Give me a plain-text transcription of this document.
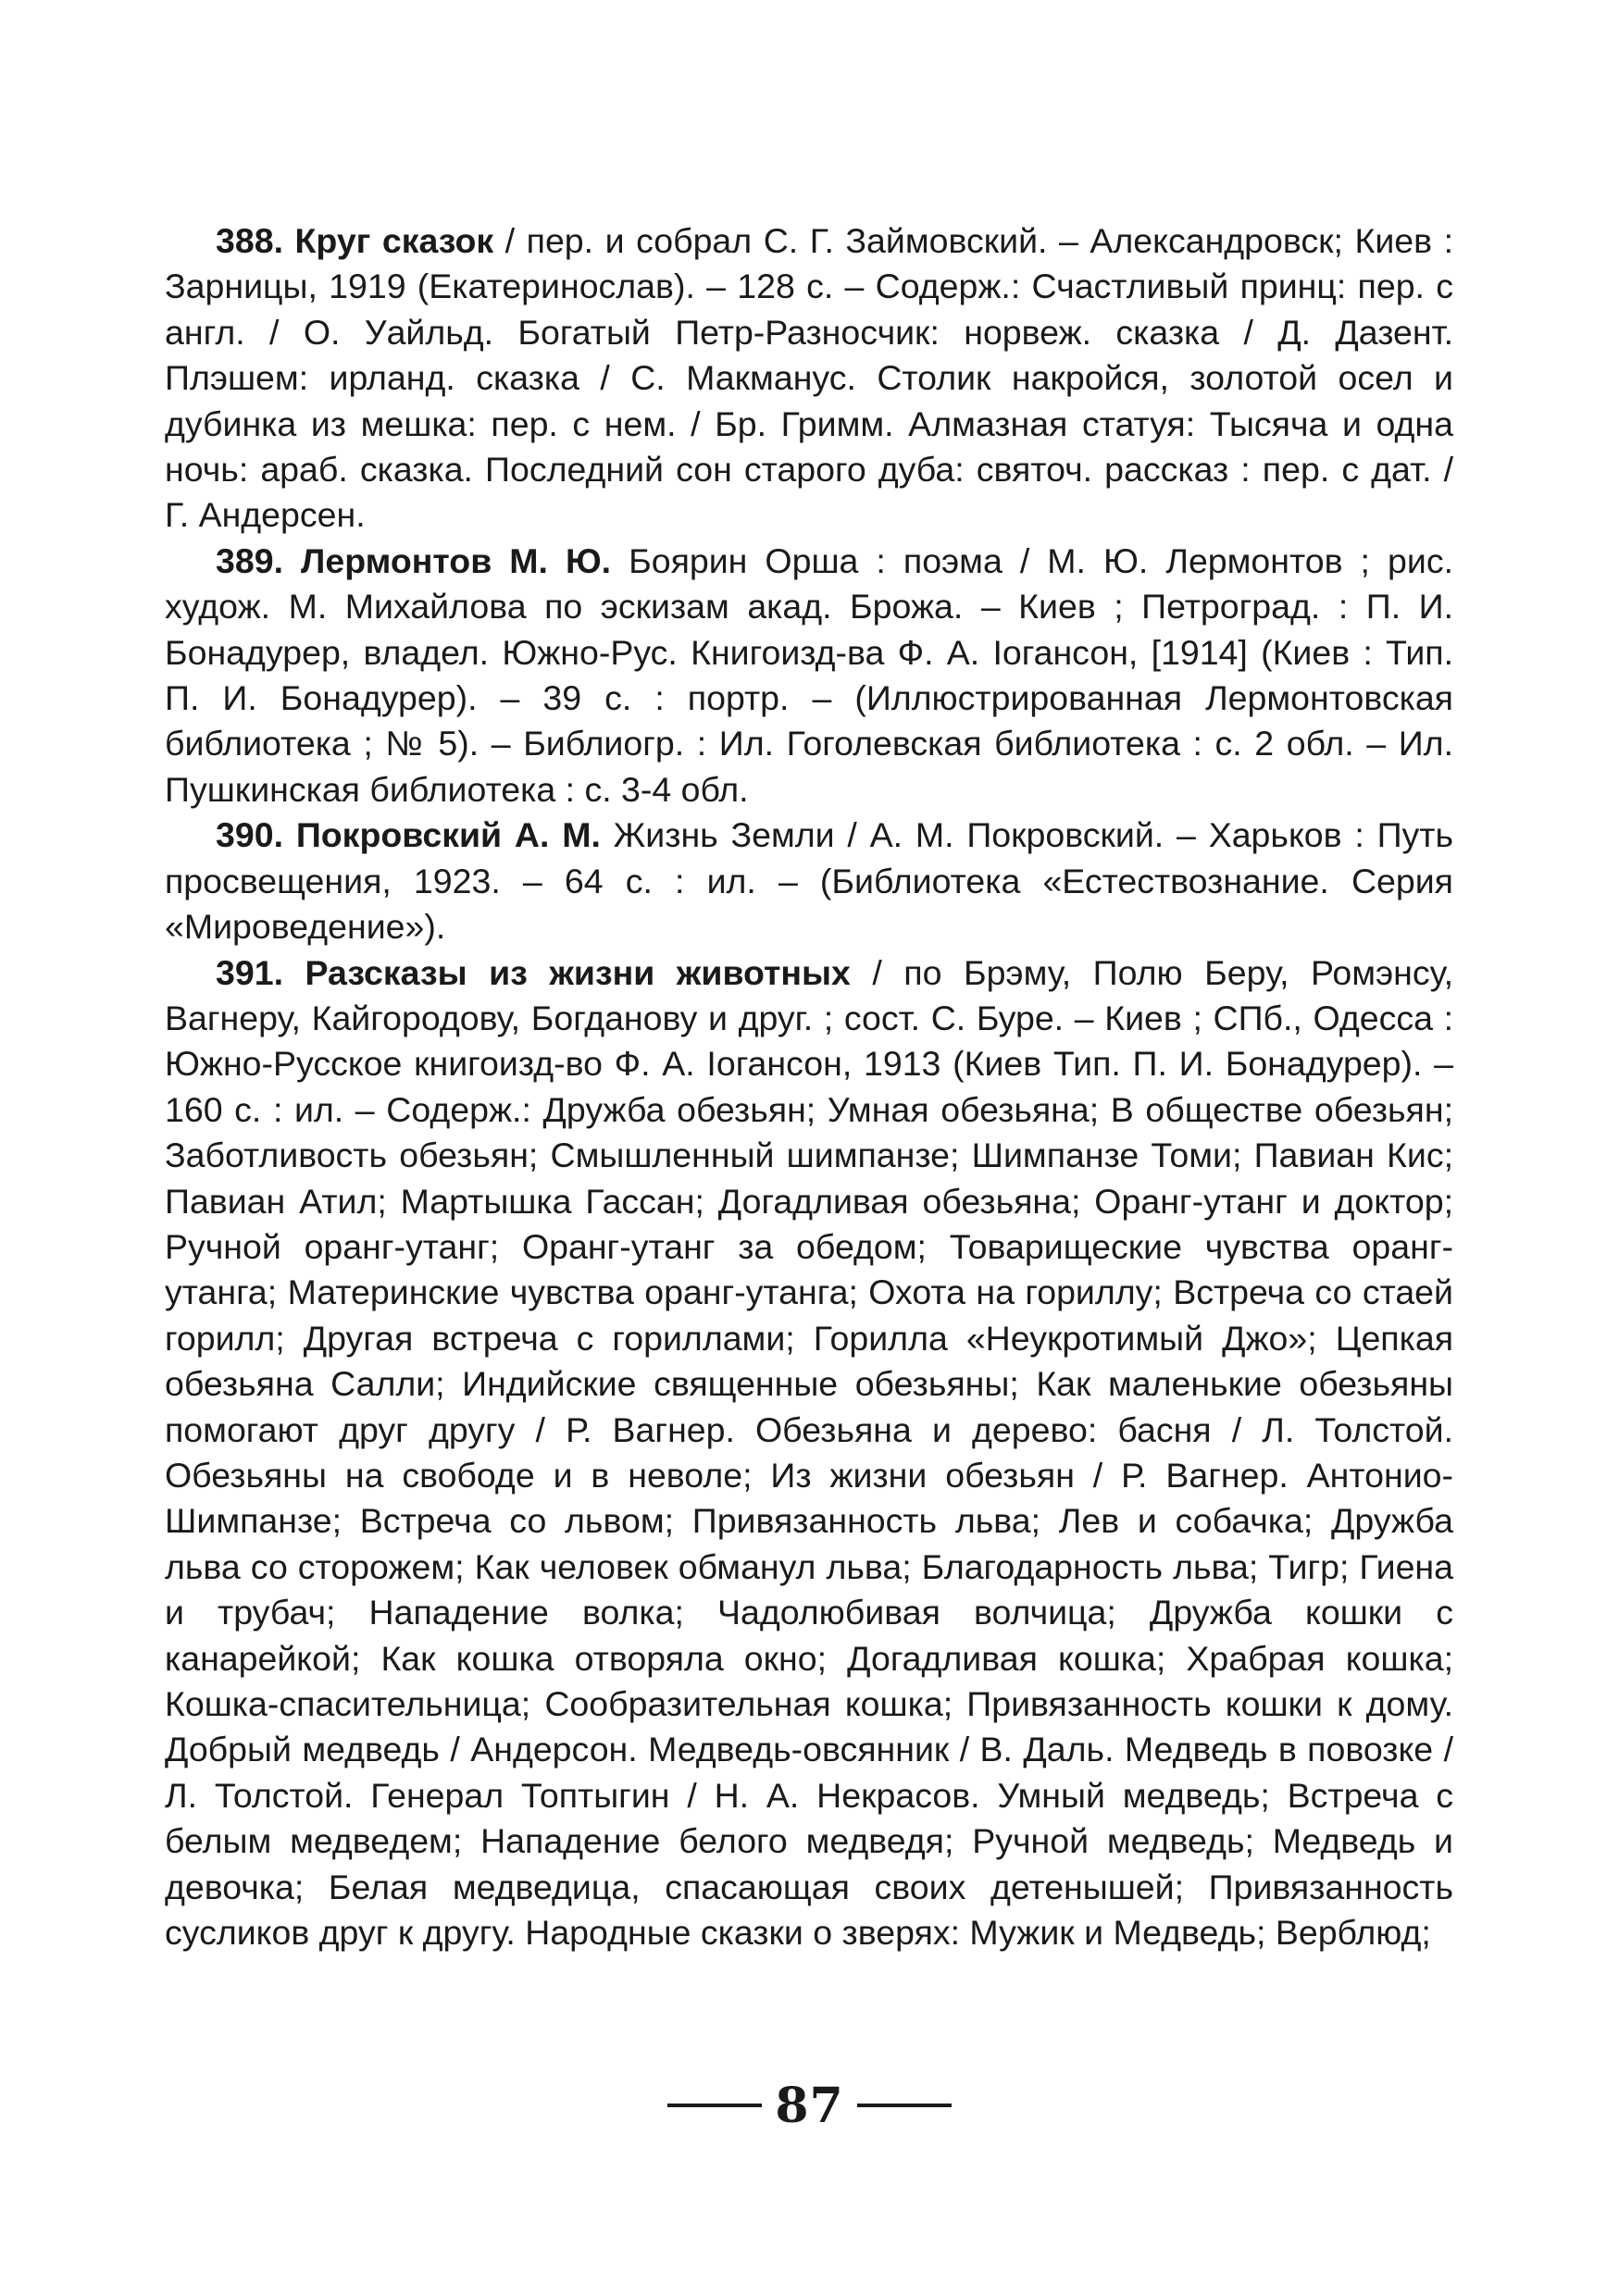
388. Круг сказок / пер. и собрал С. Г. Займовский. – Александровск; Киев : Зарницы, 1919 (Екатеринослав). – 128 с. – Содерж.: Счастливый принц: пер. с англ. / О. Уайльд. Богатый Петр-Разносчик: норвеж. сказка / Д. Дазент. Плэшем: ирланд. сказка / С. Макманус. Столик накройся, золотой осел и дубинка из мешка: пер. с нем. / Бр. Гримм. Алмазная статуя: Тысяча и одна ночь: араб. сказка. Последний сон старого дуба: святоч. рассказ : пер. с дат. / Г. Андерсен.

389. Лермонтов М. Ю. Боярин Орша : поэма / М. Ю. Лермонтов ; рис. худож. М. Михайлова по эскизам акад. Брожа. – Киев ; Петроград. : П. И. Бонадурер, владел. Южно-Рус. Книгоизд-ва Ф. А. Іогансон, [1914] (Киев : Тип. П. И. Бонадурер). – 39 с. : портр. – (Иллюстрированная Лермонтовская библиотека ; № 5). – Библиогр. : Ил. Гоголевская библиотека : с. 2 обл. – Ил. Пушкинская библиотека : с. 3-4 обл.

390. Покровский А. М. Жизнь Земли / А. М. Покровский. – Харьков : Путь просвещения, 1923. – 64 с. : ил. – (Библиотека «Естествознание. Серия «Мироведение»).

391. Разсказы из жизни животных / по Брэму, Полю Беру, Ромэнсу, Вагнеру, Кайгородову, Богданову и друг. ; сост. С. Буре. – Киев ; СПб., Одесса : Южно-Русское книгоизд-во Ф. А. Іогансон, 1913 (Киев Тип. П. И. Бонадурер). – 160 с. : ил. – Содерж.: Дружба обезьян; Умная обезьяна; В обществе обезьян; Заботливость обезьян; Смышленный шимпанзе; Шимпанзе Томи; Павиан Кис; Павиан Атил; Мартышка Гассан; Догадливая обезьяна; Оранг-утанг и доктор; Ручной оранг-утанг; Оранг-утанг за обедом; Товарищеские чувства оранг-утанга; Материнские чувства оранг-утанга; Охота на гориллу; Встреча со стаей горилл; Другая встреча с гориллами; Горилла «Неукротимый Джо»; Цепкая обезьяна Салли; Индийские священные обезьяны; Как маленькие обезьяны помогают друг другу / Р. Вагнер. Обезьяна и дерево: басня / Л. Толстой. Обезьяны на свободе и в неволе; Из жизни обезьян / Р. Вагнер. Антонио-Шимпанзе; Встреча со львом; Привязанность льва; Лев и собачка; Дружба льва со сторожем; Как человек обманул льва; Благодарность льва; Тигр; Гиена и трубач; Нападение волка; Чадолюбивая волчица; Дружба кошки с канарейкой; Как кошка отворяла окно; Догадливая кошка; Храбрая кошка; Кошка-спасительница; Сообразительная кошка; Привязанность кошки к дому. Добрый медведь / Андерсон. Медведь-овсянник / В. Даль. Медведь в повозке / Л. Толстой. Генерал Топтыгин / Н. А. Некрасов. Умный медведь; Встреча с белым медведем; Нападение белого медведя; Ручной медведь; Медведь и девочка; Белая медведица, спасающая своих детенышей; Привязанность сусликов друг к другу. Народные сказки о зверях: Мужик и Медведь; Верблюд;

87
